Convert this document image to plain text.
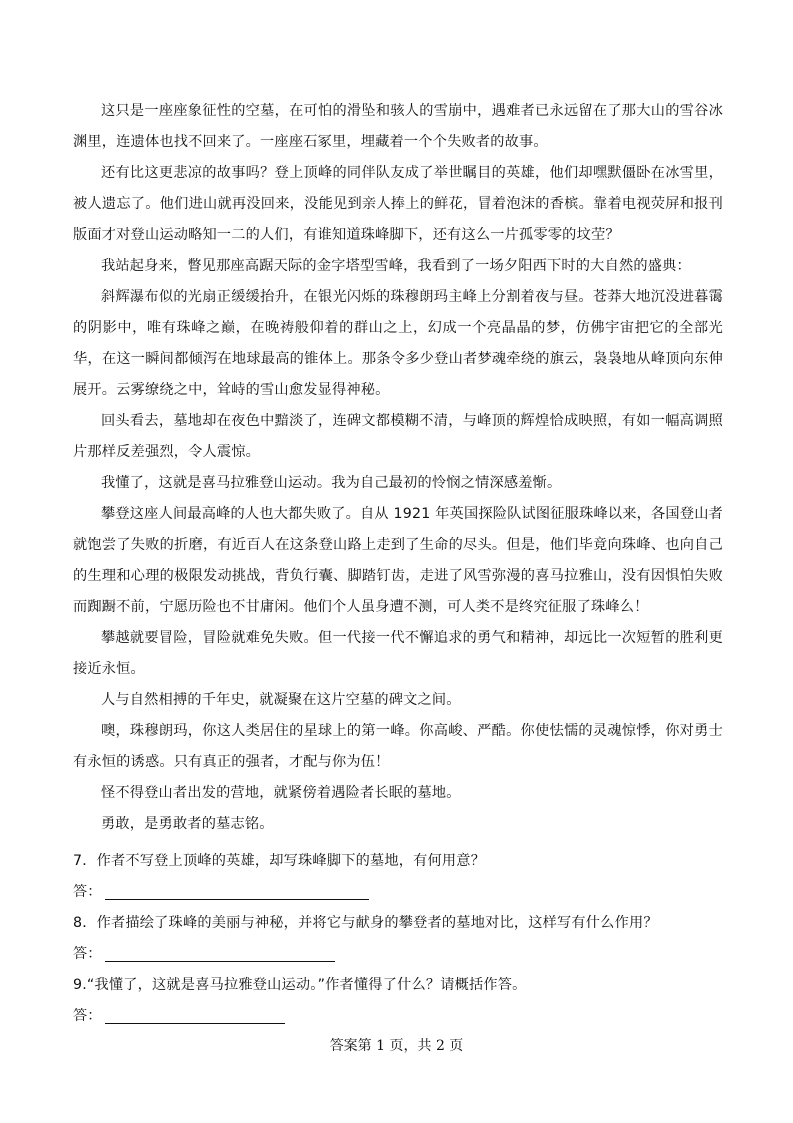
这只是一座座象征性的空墓，在可怕的滑坠和骇人的雪崩中，遇难者已永远留在了那大山的雪谷冰渊里，连遗体也找不回来了。一座座石冢里，埋藏着一个个失败者的故事。

还有比这更悲凉的故事吗？登上顶峰的同伴队友成了举世瞩目的英雄，他们却嘿默僵卧在冰雪里，被人遗忘了。他们进山就再没回来，没能见到亲人捧上的鲜花，冒着泡沫的香槟。靠着电视荧屏和报刊版面才对登山运动略知一二的人们，有谁知道珠峰脚下，还有这么一片孤零零的坟茔？

我站起身来，瞥见那座高踞天际的金字塔型雪峰，我看到了一场夕阳西下时的大自然的盛典：

斜辉瀑布似的光扇正缓缓抬升，在银光闪烁的珠穆朗玛主峰上分割着夜与昼。苍莽大地沉没进暮霭的阴影中，唯有珠峰之巅，在晚祷般仰着的群山之上，幻成一个亮晶晶的梦，仿佛宇宙把它的全部光华，在这一瞬间都倾泻在地球最高的锥体上。那条令多少登山者梦魂牵绕的旗云，袅袅地从峰顶向东伸展开。云雾缭绕之中，耸峙的雪山愈发显得神秘。

回头看去，墓地却在夜色中黯淡了，连碑文都模糊不清，与峰顶的辉煌恰成映照，有如一幅高调照片那样反差强烈，令人震惊。

我懂了，这就是喜马拉雅登山运动。我为自己最初的怜悯之情深感羞惭。

攀登这座人间最高峰的人也大都失败了。自从 1921 年英国探险队试图征服珠峰以来，各国登山者就饱尝了失败的折磨，有近百人在这条登山路上走到了生命的尽头。但是，他们毕竟向珠峰、也向自己的生理和心理的极限发动挑战，背负行囊、脚踏钉齿，走进了风雪弥漫的喜马拉雅山，没有因惧怕失败而踟蹰不前，宁愿历险也不甘庸闲。他们个人虽身遭不测，可人类不是终究征服了珠峰么！

攀越就要冒险，冒险就难免失败。但一代接一代不懈追求的勇气和精神，却远比一次短暂的胜利更接近永恒。

人与自然相搏的千年史，就凝聚在这片空墓的碑文之间。

噢，珠穆朗玛，你这人类居住的星球上的第一峰。你高峻、严酷。你使怯懦的灵魂惊悸，你对勇士有永恒的诱惑。只有真正的强者，才配与你为伍！

怪不得登山者出发的营地，就紧傍着遇险者长眠的墓地。

勇敢，是勇敢者的墓志铭。

7．作者不写登上顶峰的英雄，却写珠峰脚下的墓地，有何用意？

答：

8．作者描绘了珠峰的美丽与神秘，并将它与献身的攀登者的墓地对比，这样写有什么作用？

答：

9.“我懂了，这就是喜马拉雅登山运动。”作者懂得了什么？请概括作答。

答：

答案第 1 页，共 2 页
